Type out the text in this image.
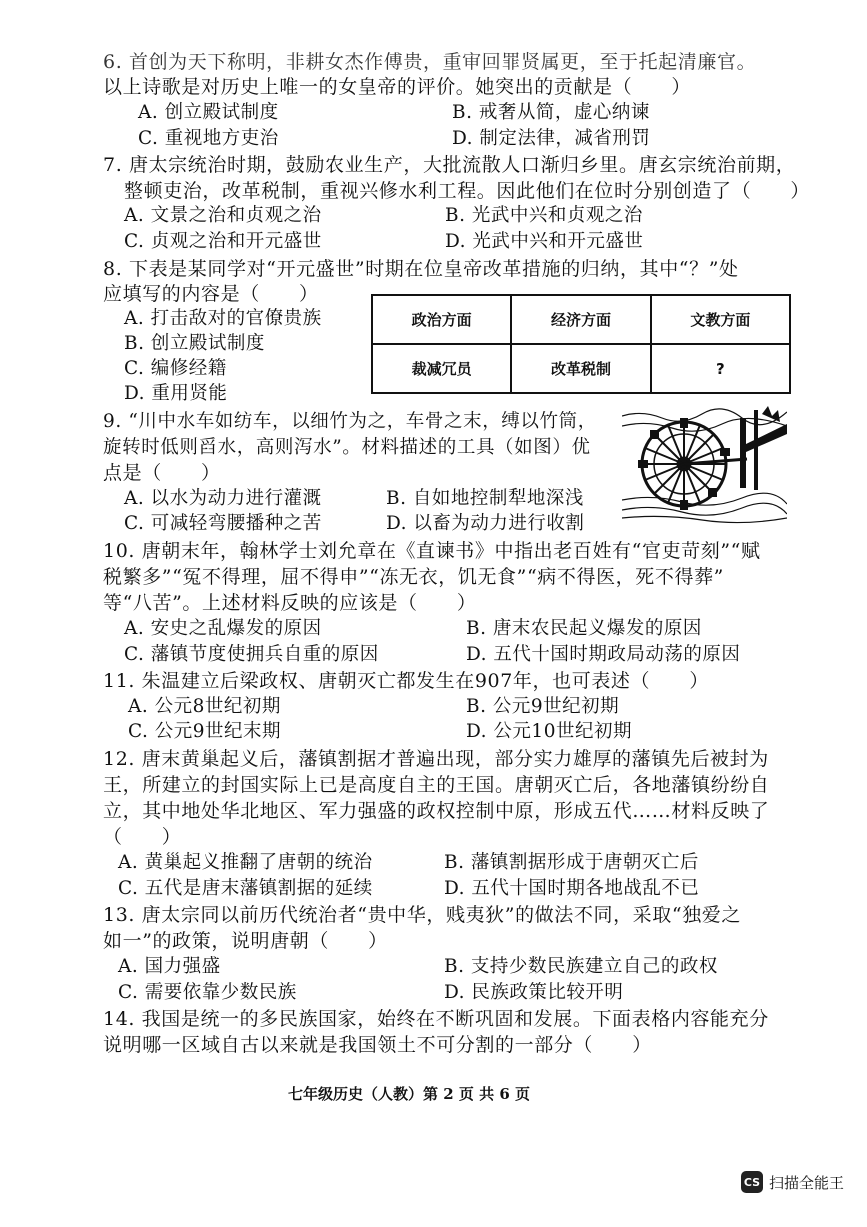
6. 首创为天下称明，非耕女杰作傅贵，重审回罪贤属更，至于托起清廉官。
以上诗歌是对历史上唯一的女皇帝的评价。她突出的贡献是（　　）
A. 创立殿试制度	B. 戒奢从简，虚心纳谏
C. 重视地方吏治	D. 制定法律，减省刑罚
7. 唐太宗统治时期，鼓励农业生产，大批流散人口渐归乡里。唐玄宗统治前期，
整顿吏治，改革税制，重视兴修水利工程。因此他们在位时分别创造了（　　）
A. 文景之治和贞观之治	B. 光武中兴和贞观之治
C. 贞观之治和开元盛世	D. 光武中兴和开元盛世
8. 下表是某同学对“开元盛世”时期在位皇帝改革措施的归纳，其中“？”处
应填写的内容是（　　）
A. 打击敌对的官僚贵族
B. 创立殿试制度
C. 编修经籍
D. 重用贤能
政治方面	经济方面	文教方面
裁减冗员	改革税制	?
9. “川中水车如纺车，以细竹为之，车骨之末，缚以竹筒，
旋转时低则舀水，高则泻水”。材料描述的工具（如图）优
点是（　　）
A. 以水为动力进行灌溉	B. 自如地控制犁地深浅
C. 可减轻弯腰播种之苦	D. 以畜为动力进行收割
10. 唐朝末年，翰林学士刘允章在《直谏书》中指出老百姓有“官吏苛刻”“赋
税繁多”“冤不得理，屈不得申”“冻无衣，饥无食”“病不得医，死不得葬”
等“八苦”。上述材料反映的应该是（　　）
A. 安史之乱爆发的原因	B. 唐末农民起义爆发的原因
C. 藩镇节度使拥兵自重的原因	D. 五代十国时期政局动荡的原因
11. 朱温建立后梁政权、唐朝灭亡都发生在907年，也可表述（　　）
A. 公元8世纪初期	B. 公元9世纪初期
C. 公元9世纪末期	D. 公元10世纪初期
12. 唐末黄巢起义后，藩镇割据才普遍出现，部分实力雄厚的藩镇先后被封为
王，所建立的封国实际上已是高度自主的王国。唐朝灭亡后，各地藩镇纷纷自
立，其中地处华北地区、军力强盛的政权控制中原，形成五代……材料反映了
（　　）
A. 黄巢起义推翻了唐朝的统治	B. 藩镇割据形成于唐朝灭亡后
C. 五代是唐末藩镇割据的延续	D. 五代十国时期各地战乱不已
13. 唐太宗同以前历代统治者“贵中华，贱夷狄”的做法不同，采取“独爱之
如一”的政策，说明唐朝（　　）
A. 国力强盛	B. 支持少数民族建立自己的政权
C. 需要依靠少数民族	D. 民族政策比较开明
14. 我国是统一的多民族国家，始终在不断巩固和发展。下面表格内容能充分
说明哪一区域自古以来就是我国领土不可分割的一部分（　　）
七年级历史（人教）第 2 页 共 6 页
CS 扫描全能王
